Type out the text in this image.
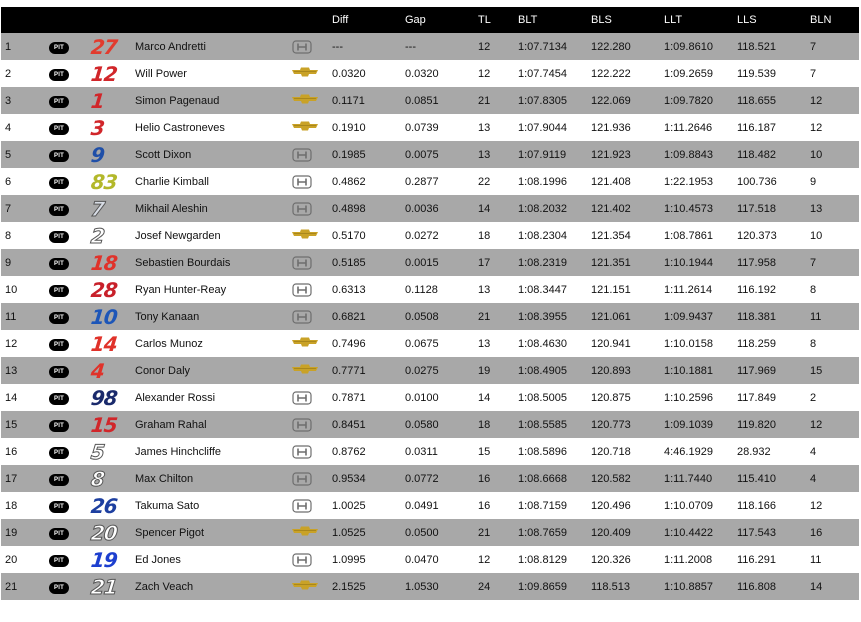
					Diff	Gap	TL	BLT	BLS	LLT	LLS	BLN
1	PIT	27	Marco Andretti		---	---	12	1:07.7134	122.280	1:09.8610	118.521	7
2	PIT	12	Will Power		0.0320	0.0320	12	1:07.7454	122.222	1:09.2659	119.539	7
3	PIT	1	Simon Pagenaud		0.1171	0.0851	21	1:07.8305	122.069	1:09.7820	118.655	12
4	PIT	3	Helio Castroneves		0.1910	0.0739	13	1:07.9044	121.936	1:11.2646	116.187	12
5	PIT	9	Scott Dixon		0.1985	0.0075	13	1:07.9119	121.923	1:09.8843	118.482	10
6	PIT	83	Charlie Kimball		0.4862	0.2877	22	1:08.1996	121.408	1:22.1953	100.736	9
7	PIT	7	Mikhail Aleshin		0.4898	0.0036	14	1:08.2032	121.402	1:10.4573	117.518	13
8	PIT	2	Josef Newgarden		0.5170	0.0272	18	1:08.2304	121.354	1:08.7861	120.373	10
9	PIT	18	Sebastien Bourdais		0.5185	0.0015	17	1:08.2319	121.351	1:10.1944	117.958	7
10	PIT	28	Ryan Hunter-Reay		0.6313	0.1128	13	1:08.3447	121.151	1:11.2614	116.192	8
11	PIT	10	Tony Kanaan		0.6821	0.0508	21	1:08.3955	121.061	1:09.9437	118.381	11
12	PIT	14	Carlos Munoz		0.7496	0.0675	13	1:08.4630	120.941	1:10.0158	118.259	8
13	PIT	4	Conor Daly		0.7771	0.0275	19	1:08.4905	120.893	1:10.1881	117.969	15
14	PIT	98	Alexander Rossi		0.7871	0.0100	14	1:08.5005	120.875	1:10.2596	117.849	2
15	PIT	15	Graham Rahal		0.8451	0.0580	18	1:08.5585	120.773	1:09.1039	119.820	12
16	PIT	5	James Hinchcliffe		0.8762	0.0311	15	1:08.5896	120.718	4:46.1929	28.932	4
17	PIT	8	Max Chilton		0.9534	0.0772	16	1:08.6668	120.582	1:11.7440	115.410	4
18	PIT	26	Takuma Sato		1.0025	0.0491	16	1:08.7159	120.496	1:10.0709	118.166	12
19	PIT	20	Spencer Pigot		1.0525	0.0500	21	1:08.7659	120.409	1:10.4422	117.543	16
20	PIT	19	Ed Jones		1.0995	0.0470	12	1:08.8129	120.326	1:11.2008	116.291	11
21	PIT	21	Zach Veach		2.1525	1.0530	24	1:09.8659	118.513	1:10.8857	116.808	14
